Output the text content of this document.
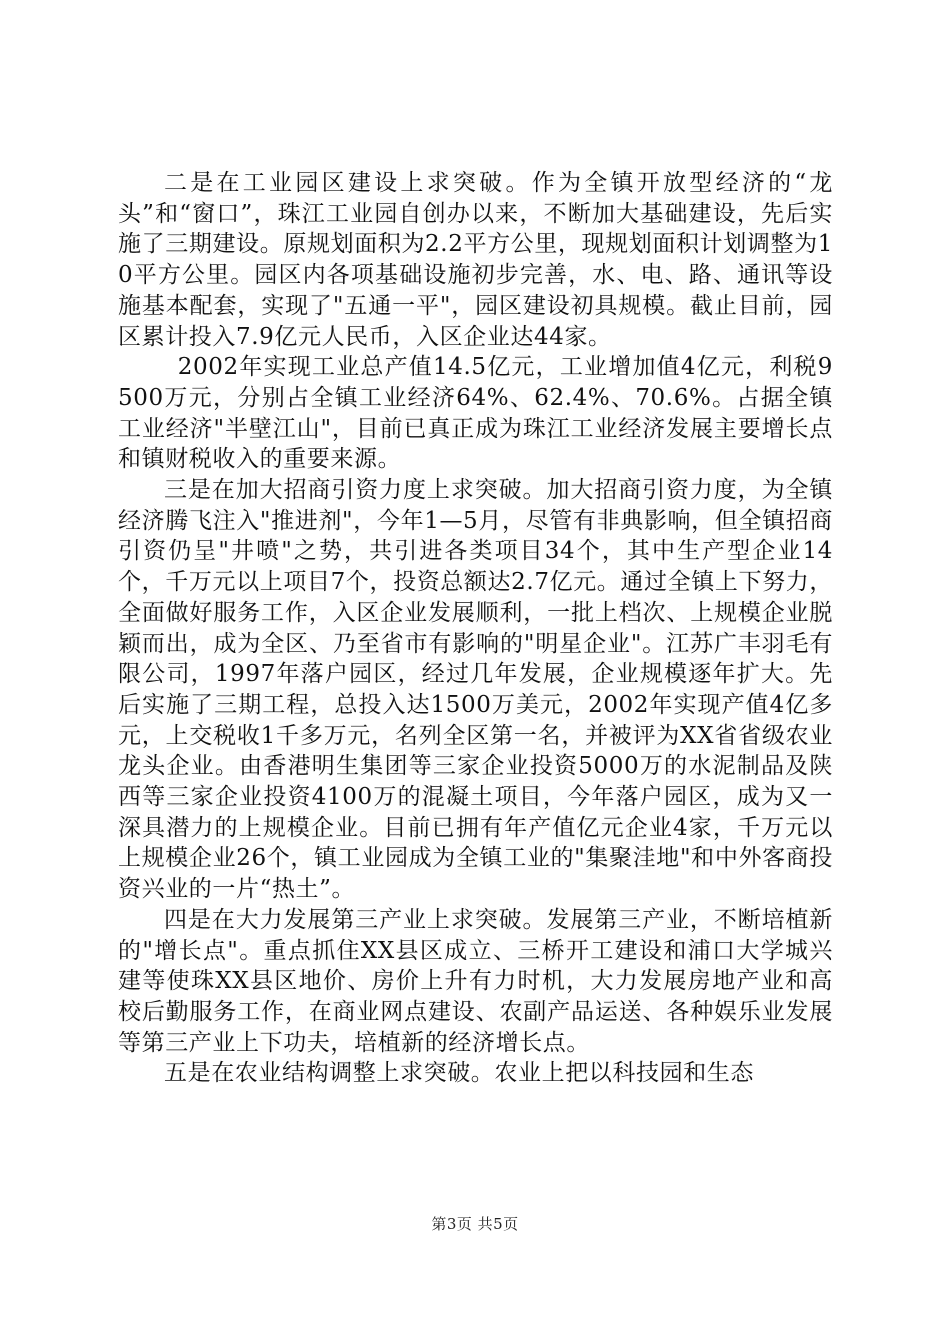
二是在工业园区建设上求突破。作为全镇开放型经济的“龙头”和“窗口”，珠江工业园自创办以来，不断加大基础建设，先后实施了三期建设。原规划面积为2.2平方公里，现规划面积计划调整为10平方公里。园区内各项基础设施初步完善，水、电、路、通讯等设施基本配套，实现了"五通一平"，园区建设初具规模。截止目前，园区累计投入7.9亿元人民币，入区企业达44家。

2002年实现工业总产值14.5亿元，工业增加值4亿元，利税9500万元，分别占全镇工业经济64%、62.4%、70.6%。占据全镇工业经济"半壁江山"，目前已真正成为珠江工业经济发展主要增长点和镇财税收入的重要来源。

三是在加大招商引资力度上求突破。加大招商引资力度，为全镇经济腾飞注入"推进剂"，今年1—5月，尽管有非典影响，但全镇招商引资仍呈"井喷"之势，共引进各类项目34个，其中生产型企业14个，千万元以上项目7个，投资总额达2.7亿元。通过全镇上下努力，全面做好服务工作，入区企业发展顺利，一批上档次、上规模企业脱颖而出，成为全区、乃至省市有影响的"明星企业"。江苏广丰羽毛有限公司，1997年落户园区，经过几年发展，企业规模逐年扩大。先后实施了三期工程，总投入达1500万美元，2002年实现产值4亿多元，上交税收1千多万元，名列全区第一名，并被评为XX省省级农业龙头企业。由香港明生集团等三家企业投资5000万的水泥制品及陕西等三家企业投资4100万的混凝土项目，今年落户园区，成为又一深具潜力的上规模企业。目前已拥有年产值亿元企业4家，千万元以上规模企业26个，镇工业园成为全镇工业的"集聚洼地"和中外客商投资兴业的一片“热土”。

四是在大力发展第三产业上求突破。发展第三产业，不断培植新的"增长点"。重点抓住XX县区成立、三桥开工建设和浦口大学城兴建等使珠XX县区地价、房价上升有力时机，大力发展房地产业和高校后勤服务工作，在商业网点建设、农副产品运送、各种娱乐业发展等第三产业上下功夫，培植新的经济增长点。

五是在农业结构调整上求突破。农业上把以科技园和生态

第3页 共5页
